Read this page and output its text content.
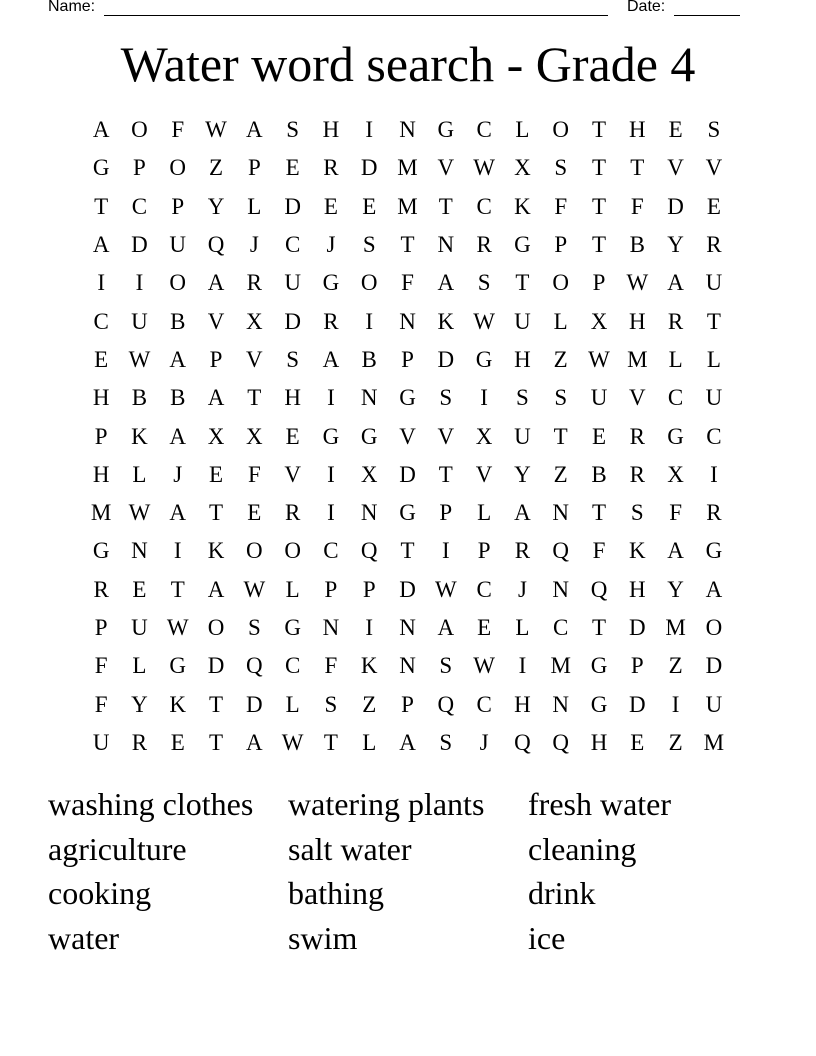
Name:	Date:
Water word search - Grade 4
A O	F W A	S	H	I	N G C	L O T H E	S
G	P	O Z	P	E	R D M V W X	S	T	T V V
T	C	P	Y L D E	E M T	C K	F	T	F	D E
A D U Q	J	C	J	S	T N R G	P	T	B Y R
I	I	O A R U G O	F	A	S	T O	P W A U
C U B V X D R	I	N K W U L X H R	T
E W A	P	V	S	A B	P	D G H Z W M L	L
H B B A T H	I	N G	S	I	S	S	U V C U
P	K A X X E G G V V X U T	E	R G C
H L	J	E	F	V	I	X D T V Y Z	B R X	I
M W A T	E	R	I	N G	P	L A N T	S	F	R
G N	I	K O O C Q T	I	P	R Q	F	K A G
R	E	T A W L	P	P	D W C	J	N Q H Y A
P	U W O	S	G N	I	N A E	L	C	T D M O
F	L G D Q C	F	K N	S W	I	M G	P	Z D
F	Y K T D L	S	Z	P	Q C H N G D	I	U
U R	E	T A W T	L A	S	J	Q Q H E	Z M
washing clothes	watering plants	fresh water
agriculture	salt water	cleaning
cooking	bathing	drink
water	swim	ice
